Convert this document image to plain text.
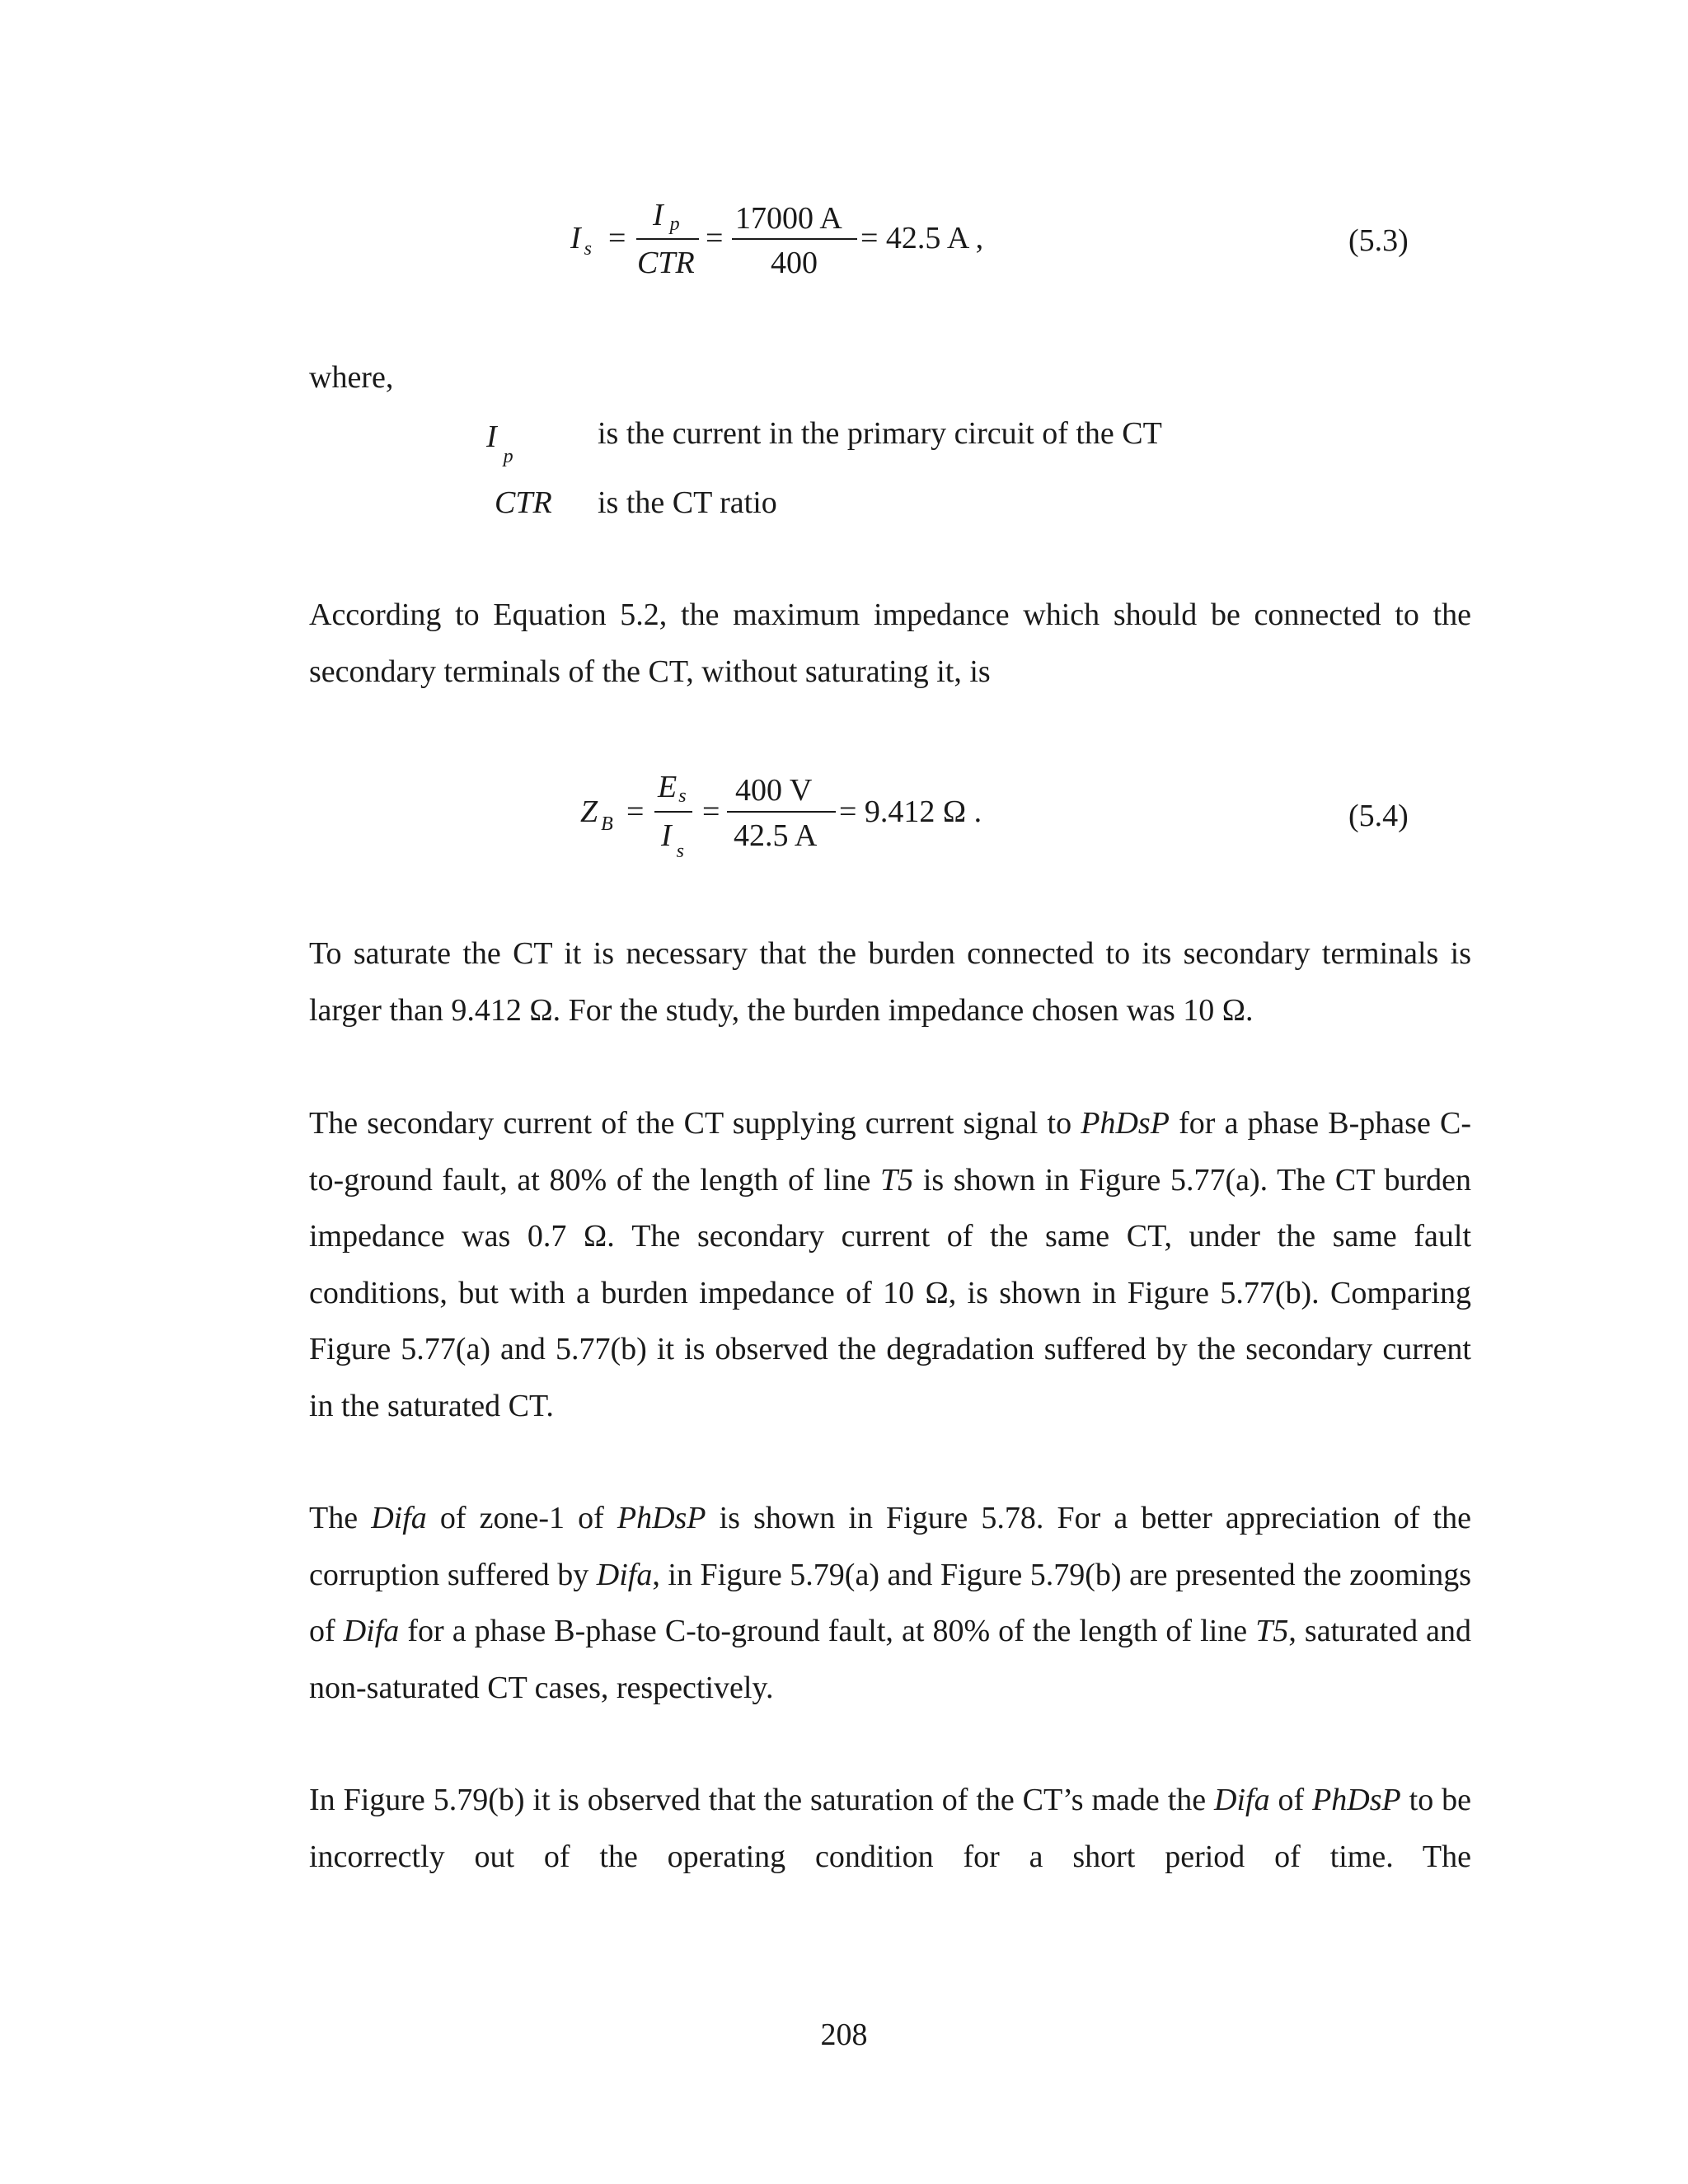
I $_s$ =
I $_p$
CTR
=
17000 A
400
= 42.5 A ,	(5.3)

where,

$I_p$
is the current in the primary circuit of the CT
CTR is the CT ratio

According to Equation 5.2, the maximum impedance which should be connected to the secondary terminals of the CT, without saturating it, is

Z $_B$ =
$E_s$
I $_s$
=
400 V
42.5 A
= 9.412 Ω .	(5.4)

To saturate the CT it is necessary that the burden connected to its secondary terminals is larger than 9.412 Ω. For the study, the burden impedance chosen was 10 Ω.

The secondary current of the CT supplying current signal to PhDsP for a phase B-phase C-to-ground fault, at 80% of the length of line T5 is shown in Figure 5.77(a). The CT burden impedance was 0.7 Ω. The secondary current of the same CT, under the same fault conditions, but with a burden impedance of 10 Ω, is shown in Figure 5.77(b). Comparing Figure 5.77(a) and 5.77(b) it is observed the degradation suffered by the secondary current in the saturated CT.

The Difa of zone-1 of PhDsP is shown in Figure 5.78. For a better appreciation of the corruption suffered by Difa, in Figure 5.79(a) and Figure 5.79(b) are presented the zoomings of Difa for a phase B-phase C-to-ground fault, at 80% of the length of line T5, saturated and non-saturated CT cases, respectively.

In Figure 5.79(b) it is observed that the saturation of the CT’s made the Difa of PhDsP to be incorrectly out of the operating condition for a short period of time. The

208
